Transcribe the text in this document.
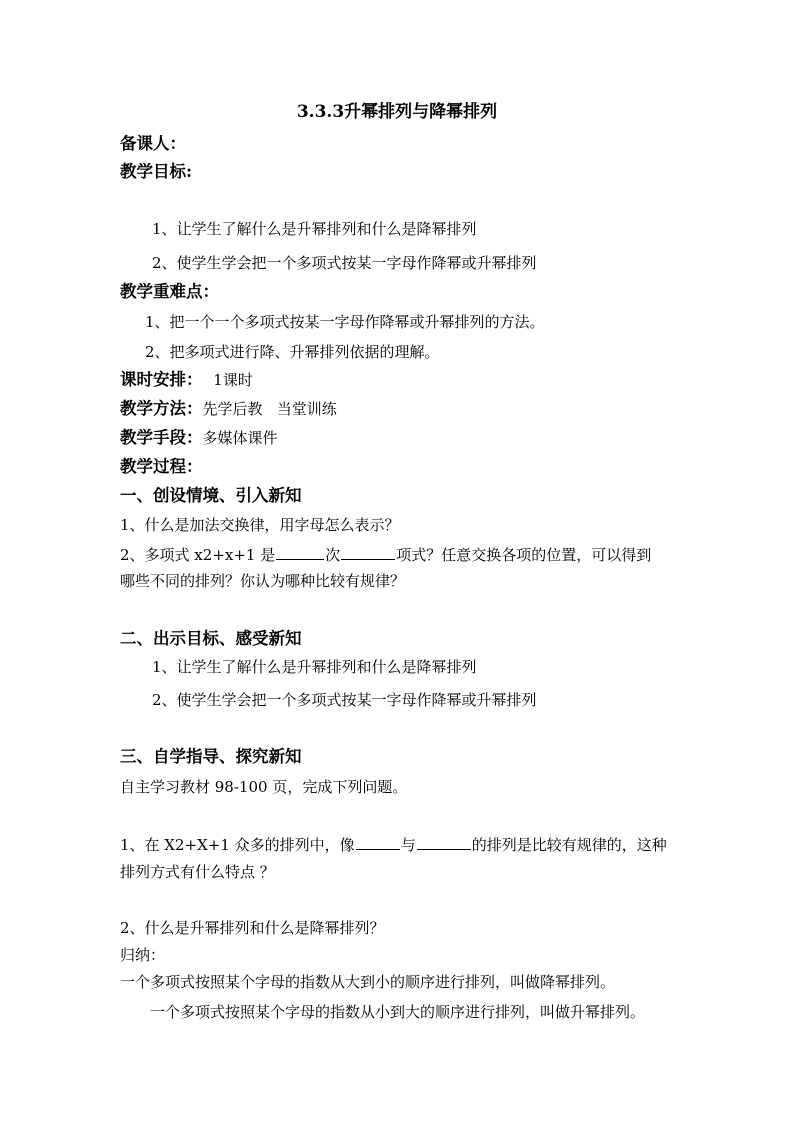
3.3.3升幂排列与降幂排列
备课人：
教学目标:
1、让学生了解什么是升幂排列和什么是降幂排列
2、使学生学会把一个多项式按某一字母作降幂或升幂排列
教学重难点：
1、把一个一个多项式按某一字母作降幂或升幂排列的方法。
2、把多项式进行降、升幂排列依据的理解。
课时安排： 1课时
教学方法：先学后教   当堂训练
教学手段：多媒体课件
教学过程：
一、创设情境、引入新知
1、什么是加法交换律，用字母怎么表示？
2、多项式 x2+x+1 是	次	项式？任意交换各项的位置，可以得到
哪些不同的排列？你认为哪种比较有规律？
二、出示目标、感受新知
1、让学生了解什么是升幂排列和什么是降幂排列
2、使学生学会把一个多项式按某一字母作降幂或升幂排列
三、自学指导、探究新知
自主学习教材 98-100 页，完成下列问题。
1、在 X2+X+1 众多的排列中，像	与	的排列是比较有规律的，这种
排列方式有什么特点 ？
2、什么是升幂排列和什么是降幂排列？
归纳：
一个多项式按照某个字母的指数从大到小的顺序进行排列，叫做降幂排列。
一个多项式按照某个字母的指数从小到大的顺序进行排列，叫做升幂排列。
